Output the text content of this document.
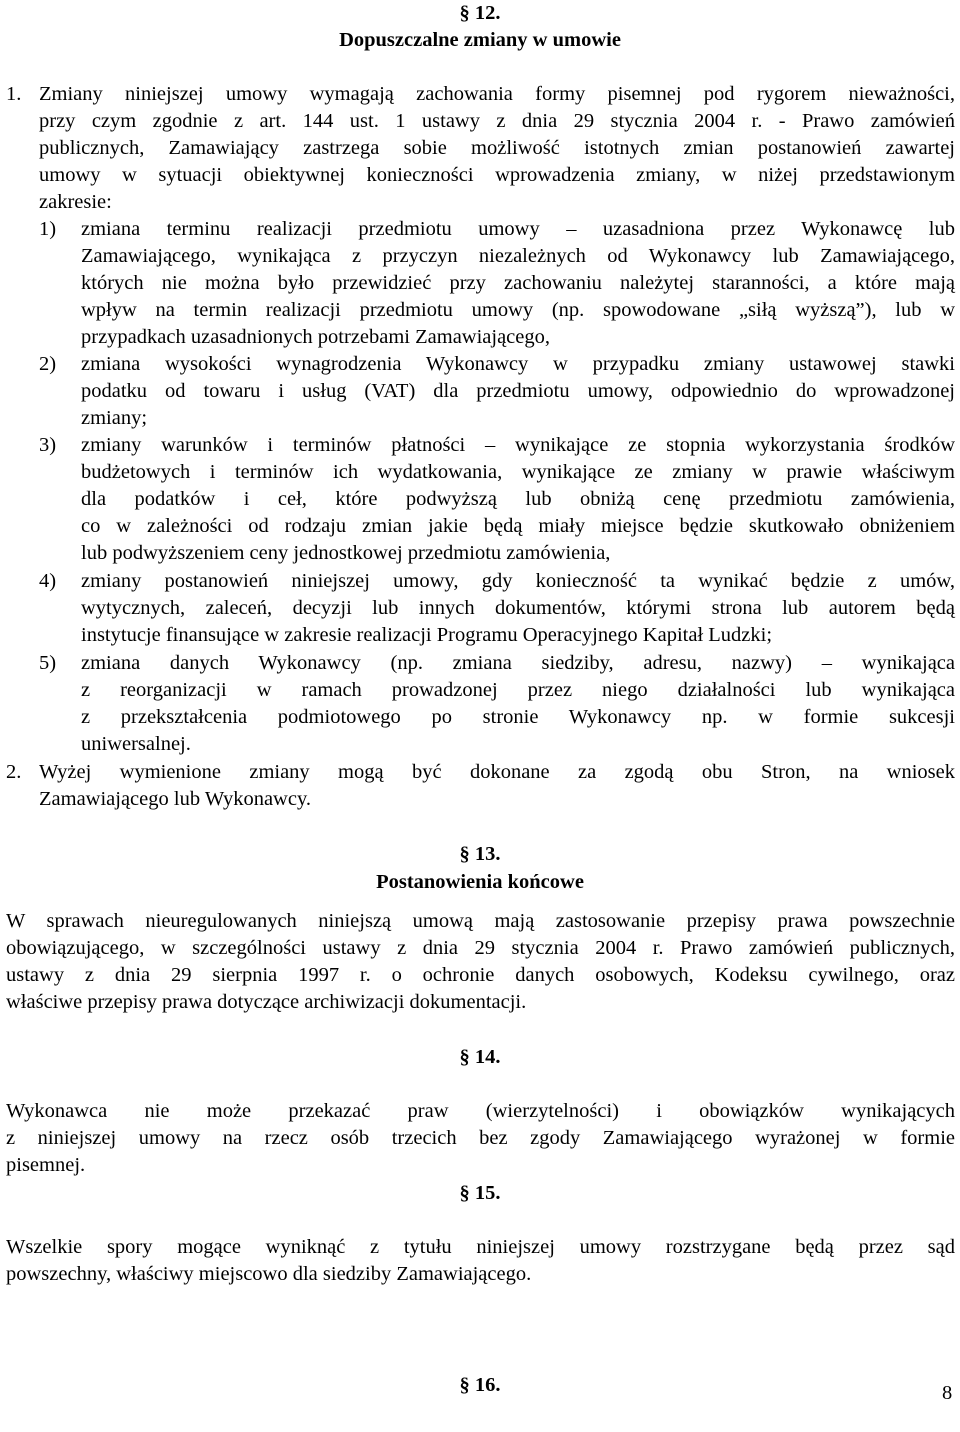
§ 12.
Dopuszczalne zmiany w umowie
1. Zmiany niniejszej umowy wymagają zachowania formy pisemnej pod rygorem nieważności,
przy czym zgodnie z art. 144 ust. 1 ustawy z dnia 29 stycznia 2004 r. - Prawo zamówień
publicznych, Zamawiający zastrzega sobie możliwość istotnych zmian postanowień zawartej
umowy w sytuacji obiektywnej konieczności wprowadzenia zmiany, w niżej przedstawionym
zakresie:
1) zmiana terminu realizacji przedmiotu umowy – uzasadniona przez Wykonawcę lub
Zamawiającego, wynikająca z przyczyn niezależnych od Wykonawcy lub Zamawiającego,
których nie można było przewidzieć przy zachowaniu należytej staranności, a które mają
wpływ na termin realizacji przedmiotu umowy (np. spowodowane „siłą wyższą”), lub w
przypadkach uzasadnionych potrzebami Zamawiającego,
2) zmiana wysokości wynagrodzenia Wykonawcy w przypadku zmiany ustawowej stawki
podatku od towaru i usług (VAT) dla przedmiotu umowy, odpowiednio do wprowadzonej
zmiany;
3) zmiany warunków i terminów płatności – wynikające ze stopnia wykorzystania środków
budżetowych i terminów ich wydatkowania, wynikające ze zmiany w prawie właściwym
dla podatków i ceł, które podwyższą lub obniżą cenę przedmiotu zamówienia,
co w zależności od rodzaju zmian jakie będą miały miejsce będzie skutkowało obniżeniem
lub podwyższeniem ceny jednostkowej przedmiotu zamówienia,
4) zmiany postanowień niniejszej umowy, gdy konieczność ta wynikać będzie z umów,
wytycznych, zaleceń, decyzji lub innych dokumentów, którymi strona lub autorem będą
instytucje finansujące w zakresie realizacji Programu Operacyjnego Kapitał Ludzki;
5) zmiana danych Wykonawcy (np. zmiana siedziby, adresu, nazwy) – wynikająca
z reorganizacji w ramach prowadzonej przez niego działalności lub wynikająca
z przekształcenia podmiotowego po stronie Wykonawcy np. w formie sukcesji
uniwersalnej.
2. Wyżej wymienione zmiany mogą być dokonane za zgodą obu Stron, na wniosek
Zamawiającego lub Wykonawcy.
§ 13.
Postanowienia końcowe
W sprawach nieuregulowanych niniejszą umową mają zastosowanie przepisy prawa powszechnie
obowiązującego, w szczególności ustawy z dnia 29 stycznia 2004 r. Prawo zamówień publicznych,
ustawy z dnia 29 sierpnia 1997 r. o ochronie danych osobowych, Kodeksu cywilnego, oraz
właściwe przepisy prawa dotyczące archiwizacji dokumentacji.
§ 14.
Wykonawca nie może przekazać praw (wierzytelności) i obowiązków wynikających
z niniejszej umowy na rzecz osób trzecich bez zgody Zamawiającego wyrażonej w formie
pisemnej.
§ 15.
Wszelkie spory mogące wyniknąć z tytułu niniejszej umowy rozstrzygane będą przez sąd
powszechny, właściwy miejscowo dla siedziby Zamawiającego.
§ 16.	8
